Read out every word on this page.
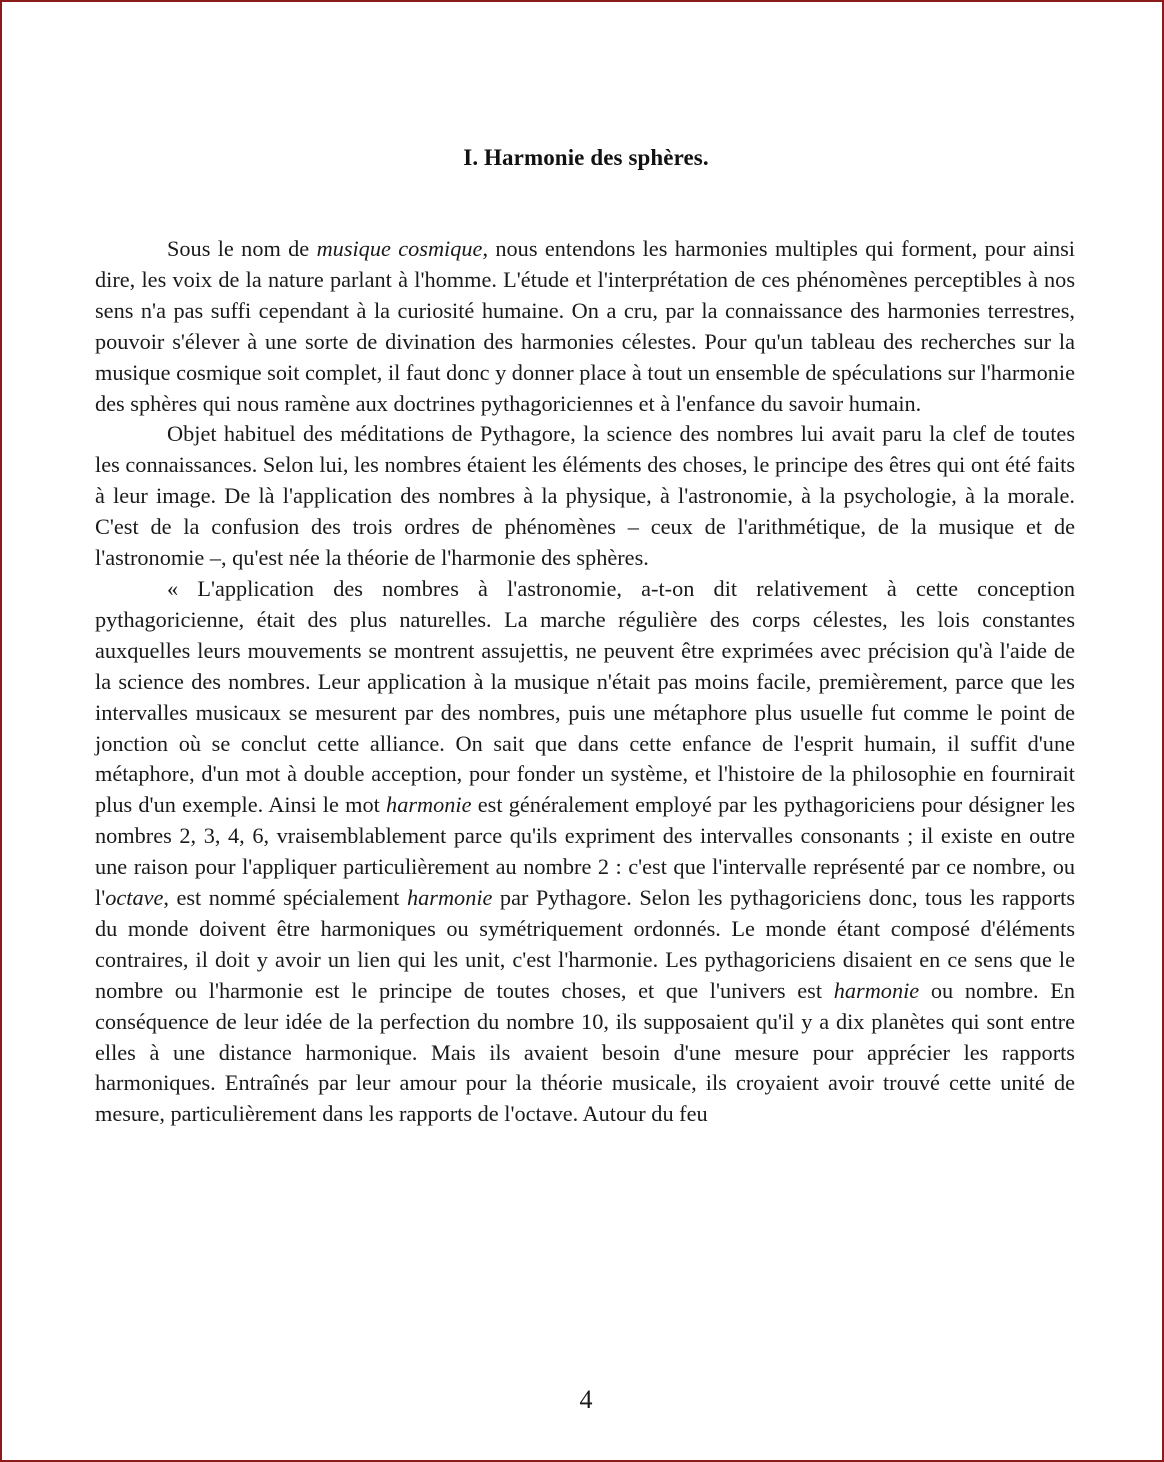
I. Harmonie des sphères.

Sous le nom de musique cosmique, nous entendons les harmonies multiples qui forment, pour ainsi dire, les voix de la nature parlant à l'homme. L'étude et l'interprétation de ces phénomènes perceptibles à nos sens n'a pas suffi cependant à la curiosité humaine. On a cru, par la connaissance des harmonies terrestres, pouvoir s'élever à une sorte de divination des harmonies célestes. Pour qu'un tableau des recherches sur la musique cosmique soit complet, il faut donc y donner place à tout un ensemble de spéculations sur l'harmonie des sphères qui nous ramène aux doctrines pythagoriciennes et à l'enfance du savoir humain.

Objet habituel des méditations de Pythagore, la science des nombres lui avait paru la clef de toutes les connaissances. Selon lui, les nombres étaient les éléments des choses, le principe des êtres qui ont été faits à leur image. De là l'application des nombres à la physique, à l'astronomie, à la psychologie, à la morale. C'est de la confusion des trois ordres de phénomènes – ceux de l'arithmétique, de la musique et de l'astronomie –, qu'est née la théorie de l'harmonie des sphères.

« L'application des nombres à l'astronomie, a-t-on dit relativement à cette conception pythagoricienne, était des plus naturelles. La marche régulière des corps célestes, les lois constantes auxquelles leurs mouvements se montrent assujettis, ne peuvent être exprimées avec précision qu'à l'aide de la science des nombres. Leur application à la musique n'était pas moins facile, premièrement, parce que les intervalles musicaux se mesurent par des nombres, puis une métaphore plus usuelle fut comme le point de jonction où se conclut cette alliance. On sait que dans cette enfance de l'esprit humain, il suffit d'une métaphore, d'un mot à double acception, pour fonder un système, et l'histoire de la philosophie en fournirait plus d'un exemple. Ainsi le mot harmonie est généralement employé par les pythagoriciens pour désigner les nombres 2, 3, 4, 6, vraisemblablement parce qu'ils expriment des intervalles consonants ; il existe en outre une raison pour l'appliquer particulièrement au nombre 2 : c'est que l'intervalle représenté par ce nombre, ou l'octave, est nommé spécialement harmonie par Pythagore. Selon les pythagoriciens donc, tous les rapports du monde doivent être harmoniques ou symétriquement ordonnés. Le monde étant composé d'éléments contraires, il doit y avoir un lien qui les unit, c'est l'harmonie. Les pythagoriciens disaient en ce sens que le nombre ou l'harmonie est le principe de toutes choses, et que l'univers est harmonie ou nombre. En conséquence de leur idée de la perfection du nombre 10, ils supposaient qu'il y a dix planètes qui sont entre elles à une distance harmonique. Mais ils avaient besoin d'une mesure pour apprécier les rapports harmoniques. Entraînés par leur amour pour la théorie musicale, ils croyaient avoir trouvé cette unité de mesure, particulièrement dans les rapports de l'octave. Autour du feu

4
